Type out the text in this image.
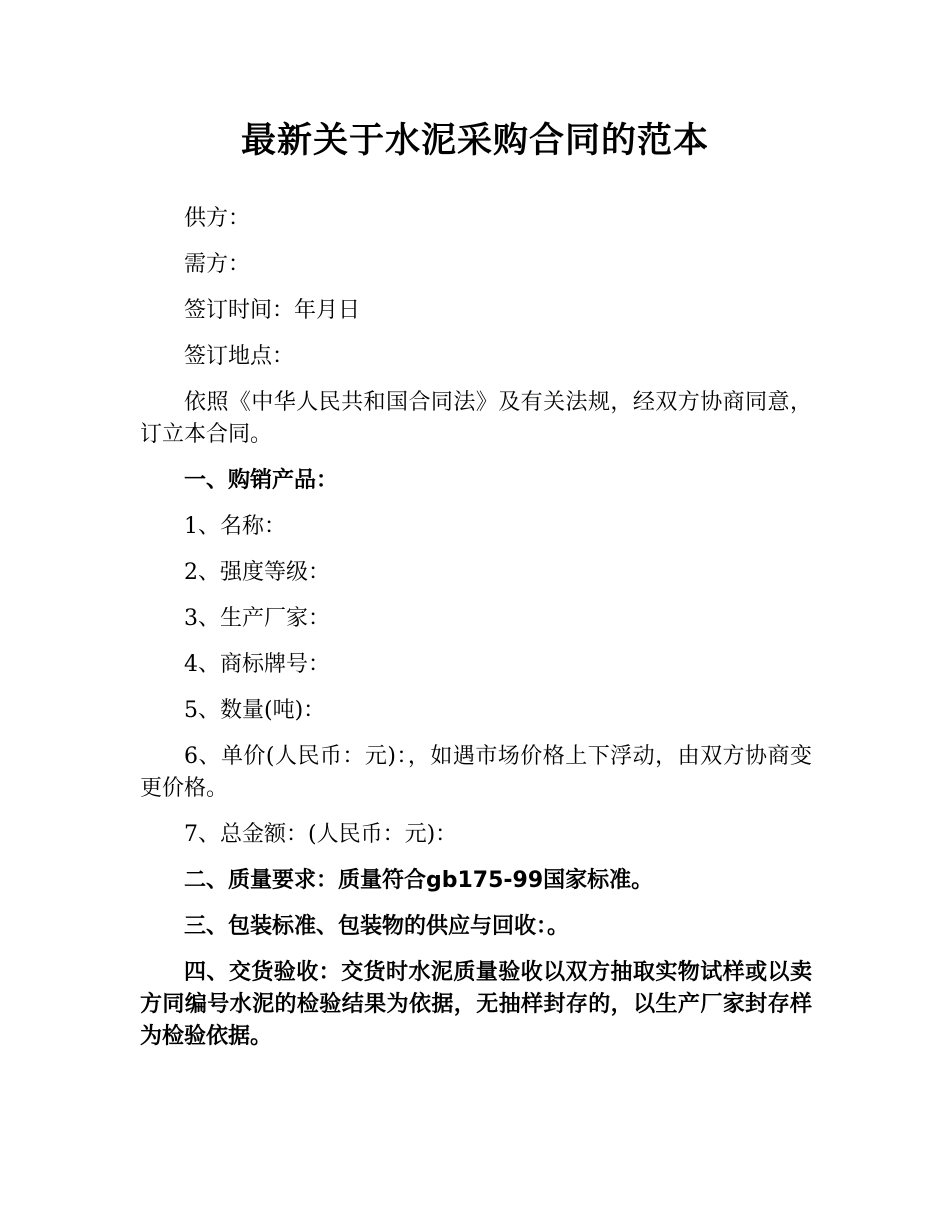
最新关于水泥采购合同的范本

供方：

需方：

签订时间：年月日

签订地点：

依照《中华人民共和国合同法》及有关法规，经双方协商同意，订立本合同。

一、购销产品：

1、名称：

2、强度等级：

3、生产厂家：

4、商标牌号：

5、数量(吨)：

6、单价(人民币：元)：，如遇市场价格上下浮动，由双方协商变更价格。

7、总金额：(人民币：元)：

二、质量要求：质量符合gb175-99国家标准。

三、包装标准、包装物的供应与回收：。

四、交货验收：交货时水泥质量验收以双方抽取实物试样或以卖方同编号水泥的检验结果为依据，无抽样封存的，以生产厂家封存样为检验依据。
